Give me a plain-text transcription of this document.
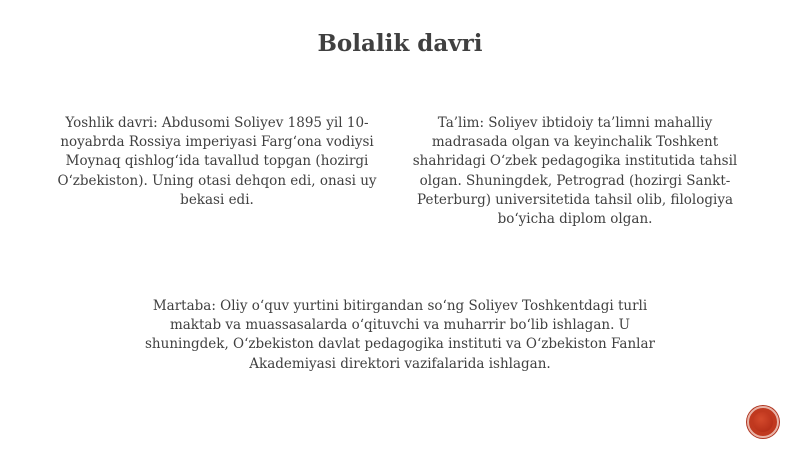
Bolalik davri

Yoshlik davri: Abdusomi Soliyev 1895 yil 10-noyabrda Rossiya imperiyasi Farg‘ona vodiysi Moynaq qishlog‘ida tavallud topgan (hozirgi O‘zbekiston). Uning otasi dehqon edi, onasi uy bekasi edi.

Ta’lim: Soliyev ibtidoiy ta’limni mahalliy madrasada olgan va keyinchalik Toshkent shahridagi O‘zbek pedagogika institutida tahsil olgan. Shuningdek, Petrograd (hozirgi Sankt-Peterburg) universitetida tahsil olib, filologiya bo‘yicha diplom olgan.

Martaba: Oliy o‘quv yurtini bitirgandan so‘ng Soliyev Toshkentdagi turli maktab va muassasalarda o‘qituvchi va muharrir bo‘lib ishlagan. U shuningdek, O‘zbekiston davlat pedagogika instituti va O‘zbekiston Fanlar Akademiyasi direktori vazifalarida ishlagan.
